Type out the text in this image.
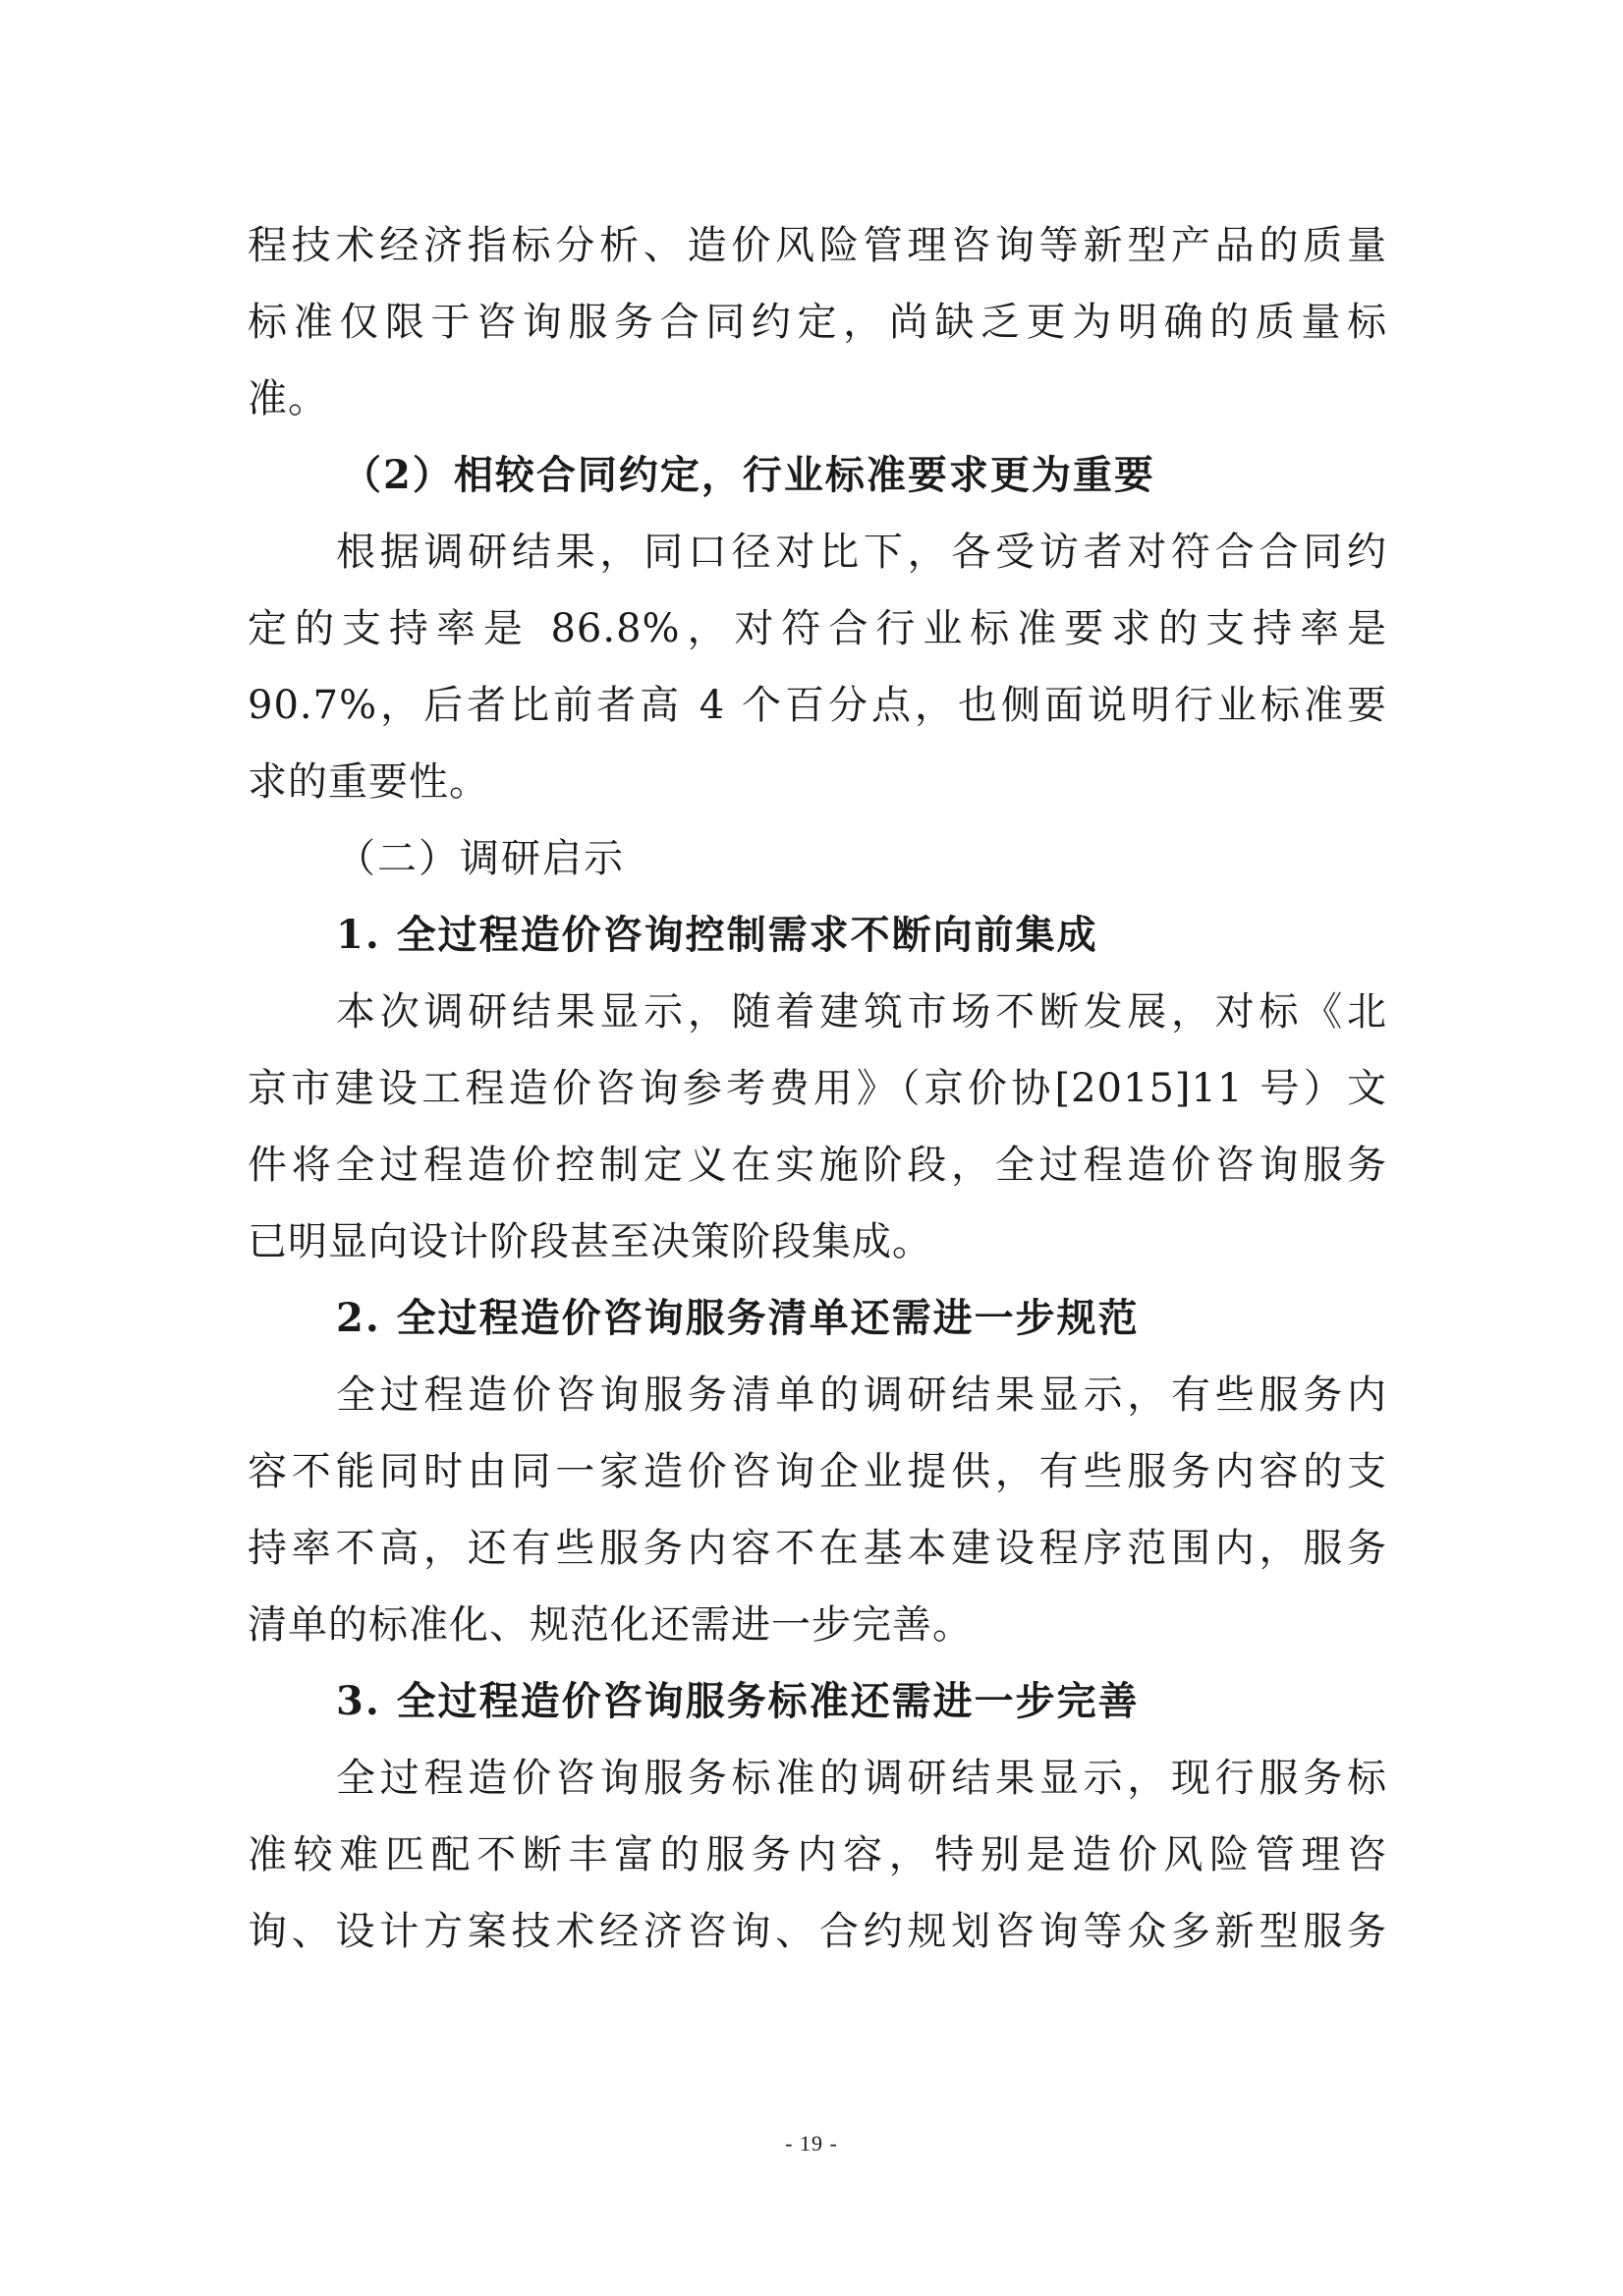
程技术经济指标分析、造价风险管理咨询等新型产品的质量
标准仅限于咨询服务合同约定，尚缺乏更为明确的质量标
准。
（2）相较合同约定，行业标准要求更为重要
根据调研结果，同口径对比下，各受访者对符合合同约
定的支持率是 86.8%，对符合行业标准要求的支持率是
90.7%，后者比前者高 4 个百分点，也侧面说明行业标准要
求的重要性。
（二）调研启示
1. 全过程造价咨询控制需求不断向前集成
本次调研结果显示，随着建筑市场不断发展，对标《北
京市建设工程造价咨询参考费用》（京价协[2015]11 号）文
件将全过程造价控制定义在实施阶段，全过程造价咨询服务
已明显向设计阶段甚至决策阶段集成。
2. 全过程造价咨询服务清单还需进一步规范
全过程造价咨询服务清单的调研结果显示，有些服务内
容不能同时由同一家造价咨询企业提供，有些服务内容的支
持率不高，还有些服务内容不在基本建设程序范围内，服务
清单的标准化、规范化还需进一步完善。
3. 全过程造价咨询服务标准还需进一步完善
全过程造价咨询服务标准的调研结果显示，现行服务标
准较难匹配不断丰富的服务内容，特别是造价风险管理咨
询、设计方案技术经济咨询、合约规划咨询等众多新型服务
- 19 -
